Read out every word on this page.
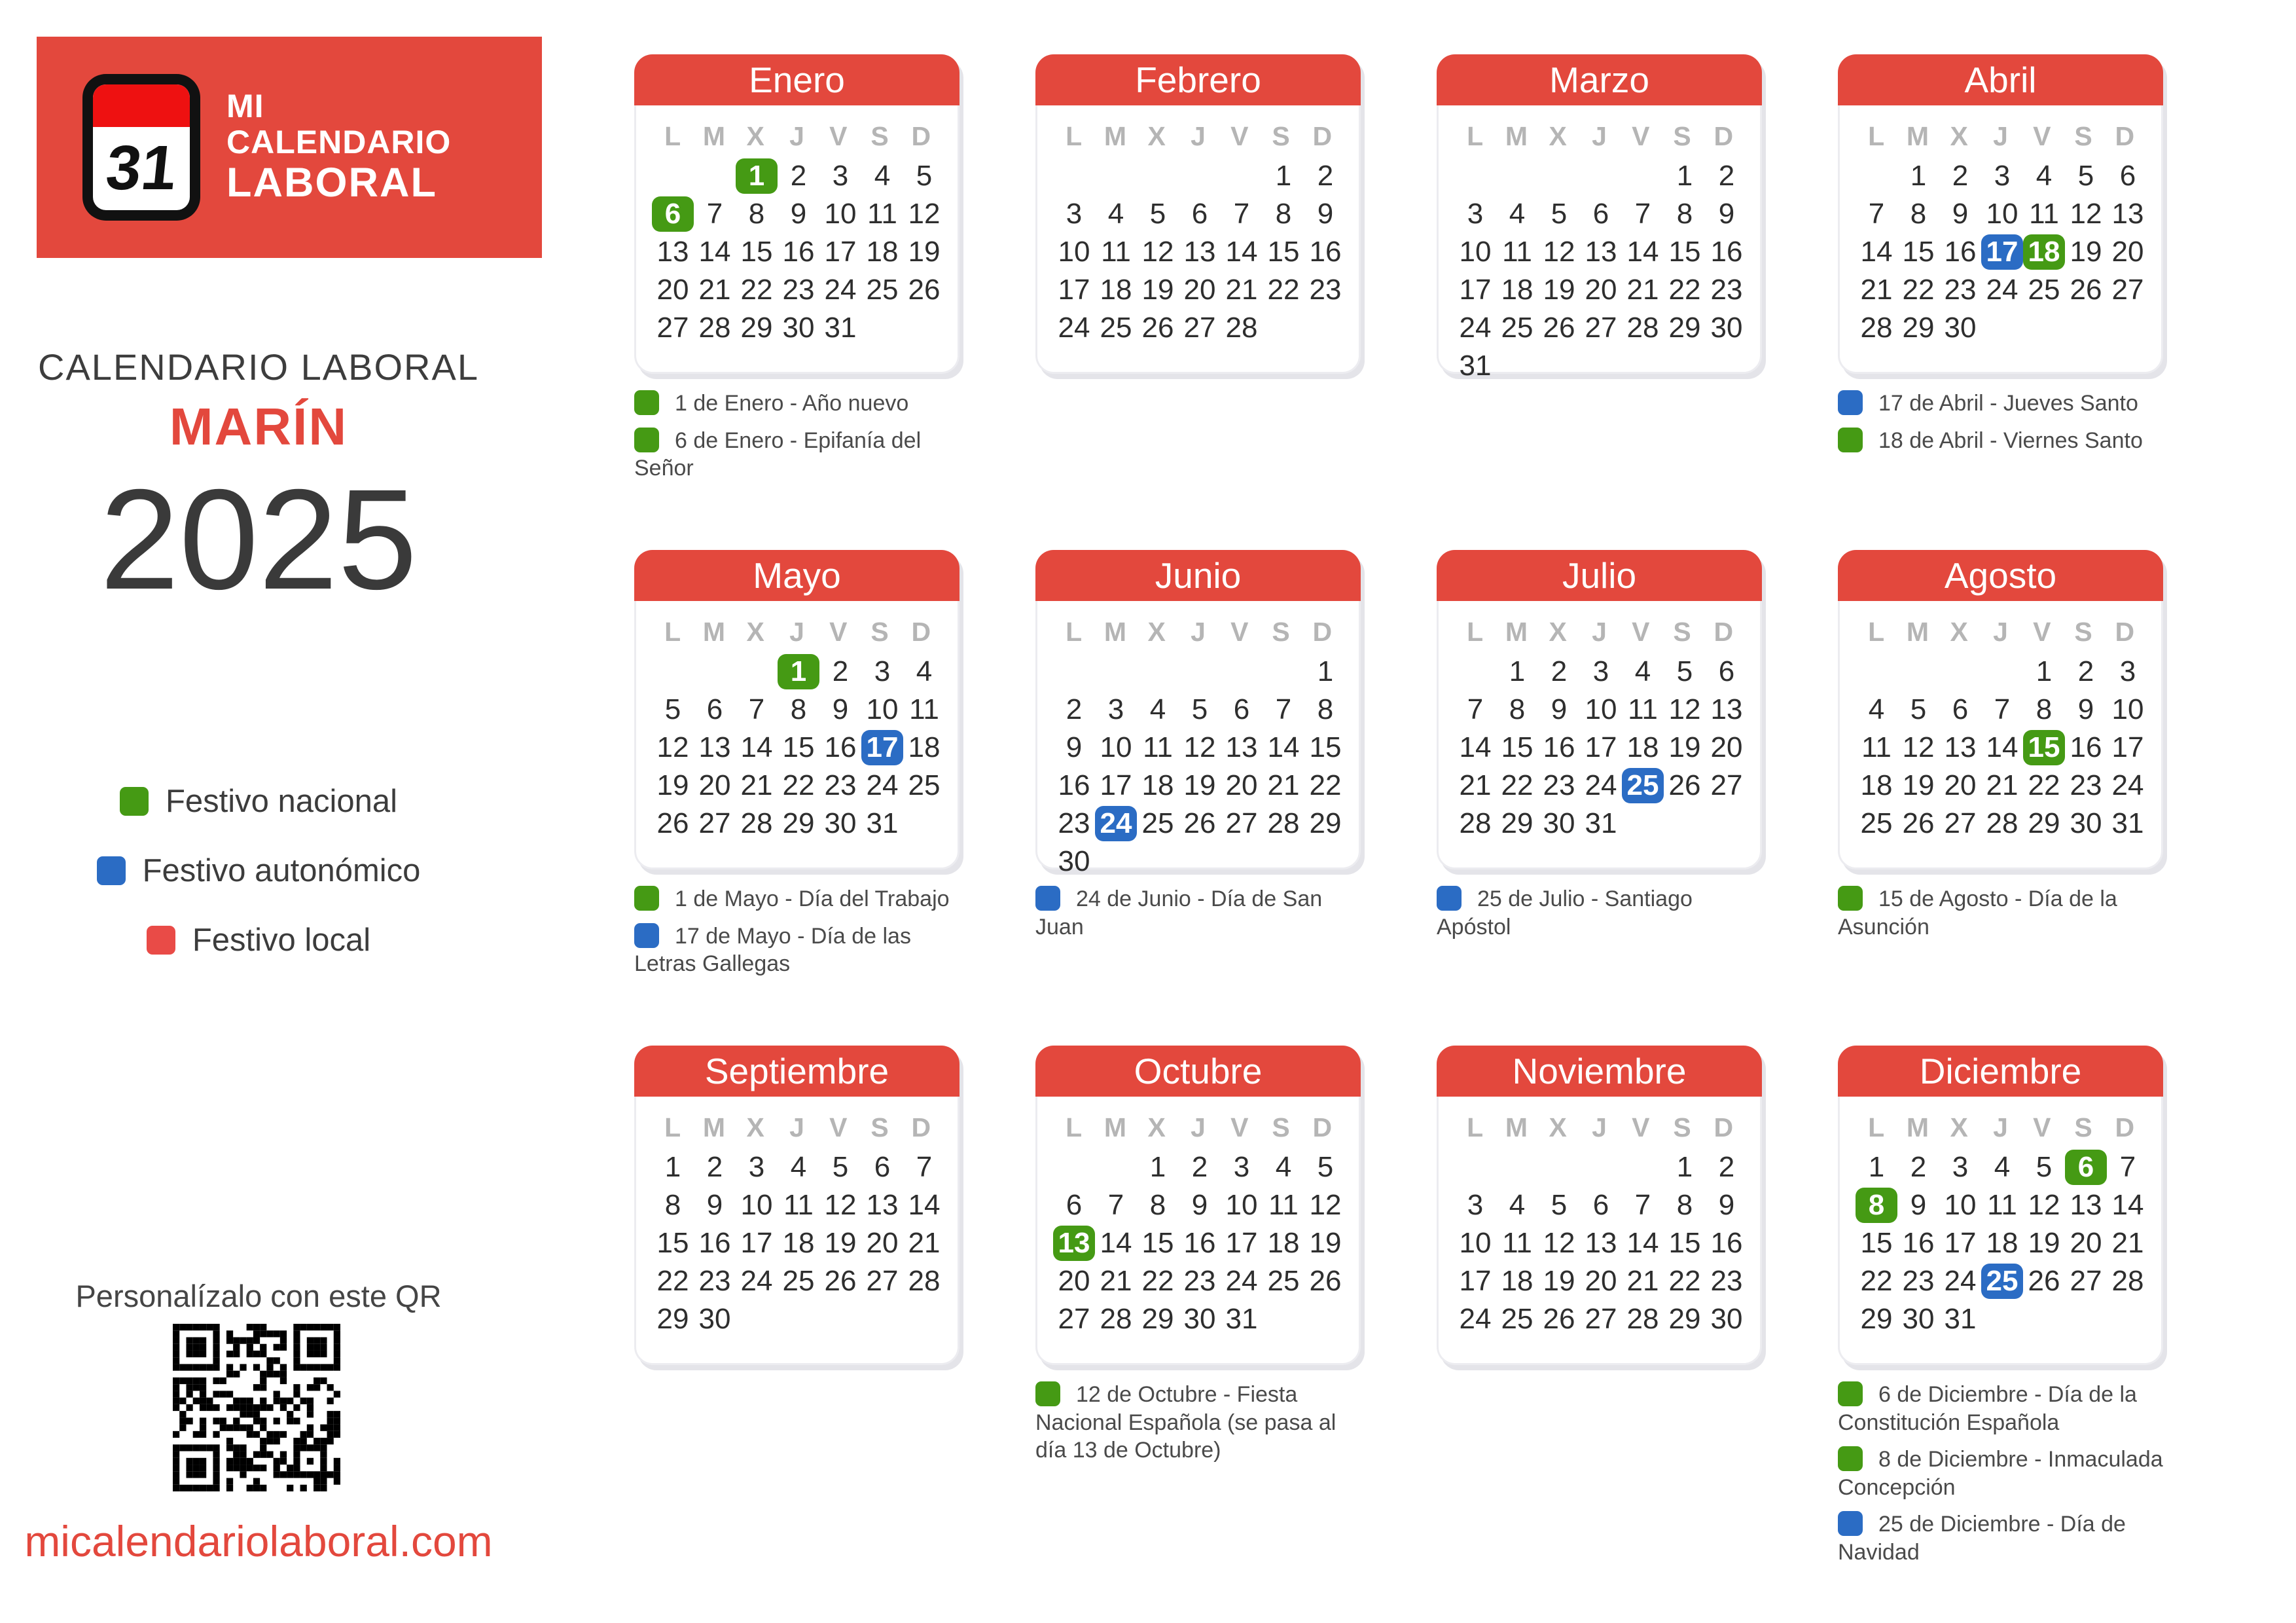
31
MI
CALENDARIO
LABORAL
CALENDARIO LABORAL
MARÍN
2025
Festivo nacional
Festivo autonómico
Festivo local
Personalízalo con este QR
micalendariolaboral.com
Enero
L M X J V S D
1 2 3 4 5
6 7 8 9 10 11 12
13 14 15 16 17 18 19
20 21 22 23 24 25 26
27 28 29 30 31
1 de Enero - Año nuevo
6 de Enero - Epifanía del Señor
Febrero
L M X J V S D
1 2
3 4 5 6 7 8 9
10 11 12 13 14 15 16
17 18 19 20 21 22 23
24 25 26 27 28
Marzo
L M X J V S D
1 2
3 4 5 6 7 8 9
10 11 12 13 14 15 16
17 18 19 20 21 22 23
24 25 26 27 28 29 30
31
Abril
L M X J V S D
1 2 3 4 5 6
7 8 9 10 11 12 13
14 15 16 17 18 19 20
21 22 23 24 25 26 27
28 29 30
17 de Abril - Jueves Santo
18 de Abril - Viernes Santo
Mayo
L M X J V S D
1 2 3 4
5 6 7 8 9 10 11
12 13 14 15 16 17 18
19 20 21 22 23 24 25
26 27 28 29 30 31
1 de Mayo - Día del Trabajo
17 de Mayo - Día de las Letras Gallegas
Junio
L M X J V S D
1
2 3 4 5 6 7 8
9 10 11 12 13 14 15
16 17 18 19 20 21 22
23 24 25 26 27 28 29
30
24 de Junio - Día de San Juan
Julio
L M X J V S D
1 2 3 4 5 6
7 8 9 10 11 12 13
14 15 16 17 18 19 20
21 22 23 24 25 26 27
28 29 30 31
25 de Julio - Santiago Apóstol
Agosto
L M X J V S D
1 2 3
4 5 6 7 8 9 10
11 12 13 14 15 16 17
18 19 20 21 22 23 24
25 26 27 28 29 30 31
15 de Agosto - Día de la Asunción
Septiembre
L M X J V S D
1 2 3 4 5 6 7
8 9 10 11 12 13 14
15 16 17 18 19 20 21
22 23 24 25 26 27 28
29 30
Octubre
L M X J V S D
1 2 3 4 5
6 7 8 9 10 11 12
13 14 15 16 17 18 19
20 21 22 23 24 25 26
27 28 29 30 31
12 de Octubre - Fiesta Nacional Española (se pasa al día 13 de Octubre)
Noviembre
L M X J V S D
1 2
3 4 5 6 7 8 9
10 11 12 13 14 15 16
17 18 19 20 21 22 23
24 25 26 27 28 29 30
Diciembre
L M X J V S D
1 2 3 4 5 6 7
8 9 10 11 12 13 14
15 16 17 18 19 20 21
22 23 24 25 26 27 28
29 30 31
6 de Diciembre - Día de la Constitución Española
8 de Diciembre - Inmaculada Concepción
25 de Diciembre - Día de Navidad
